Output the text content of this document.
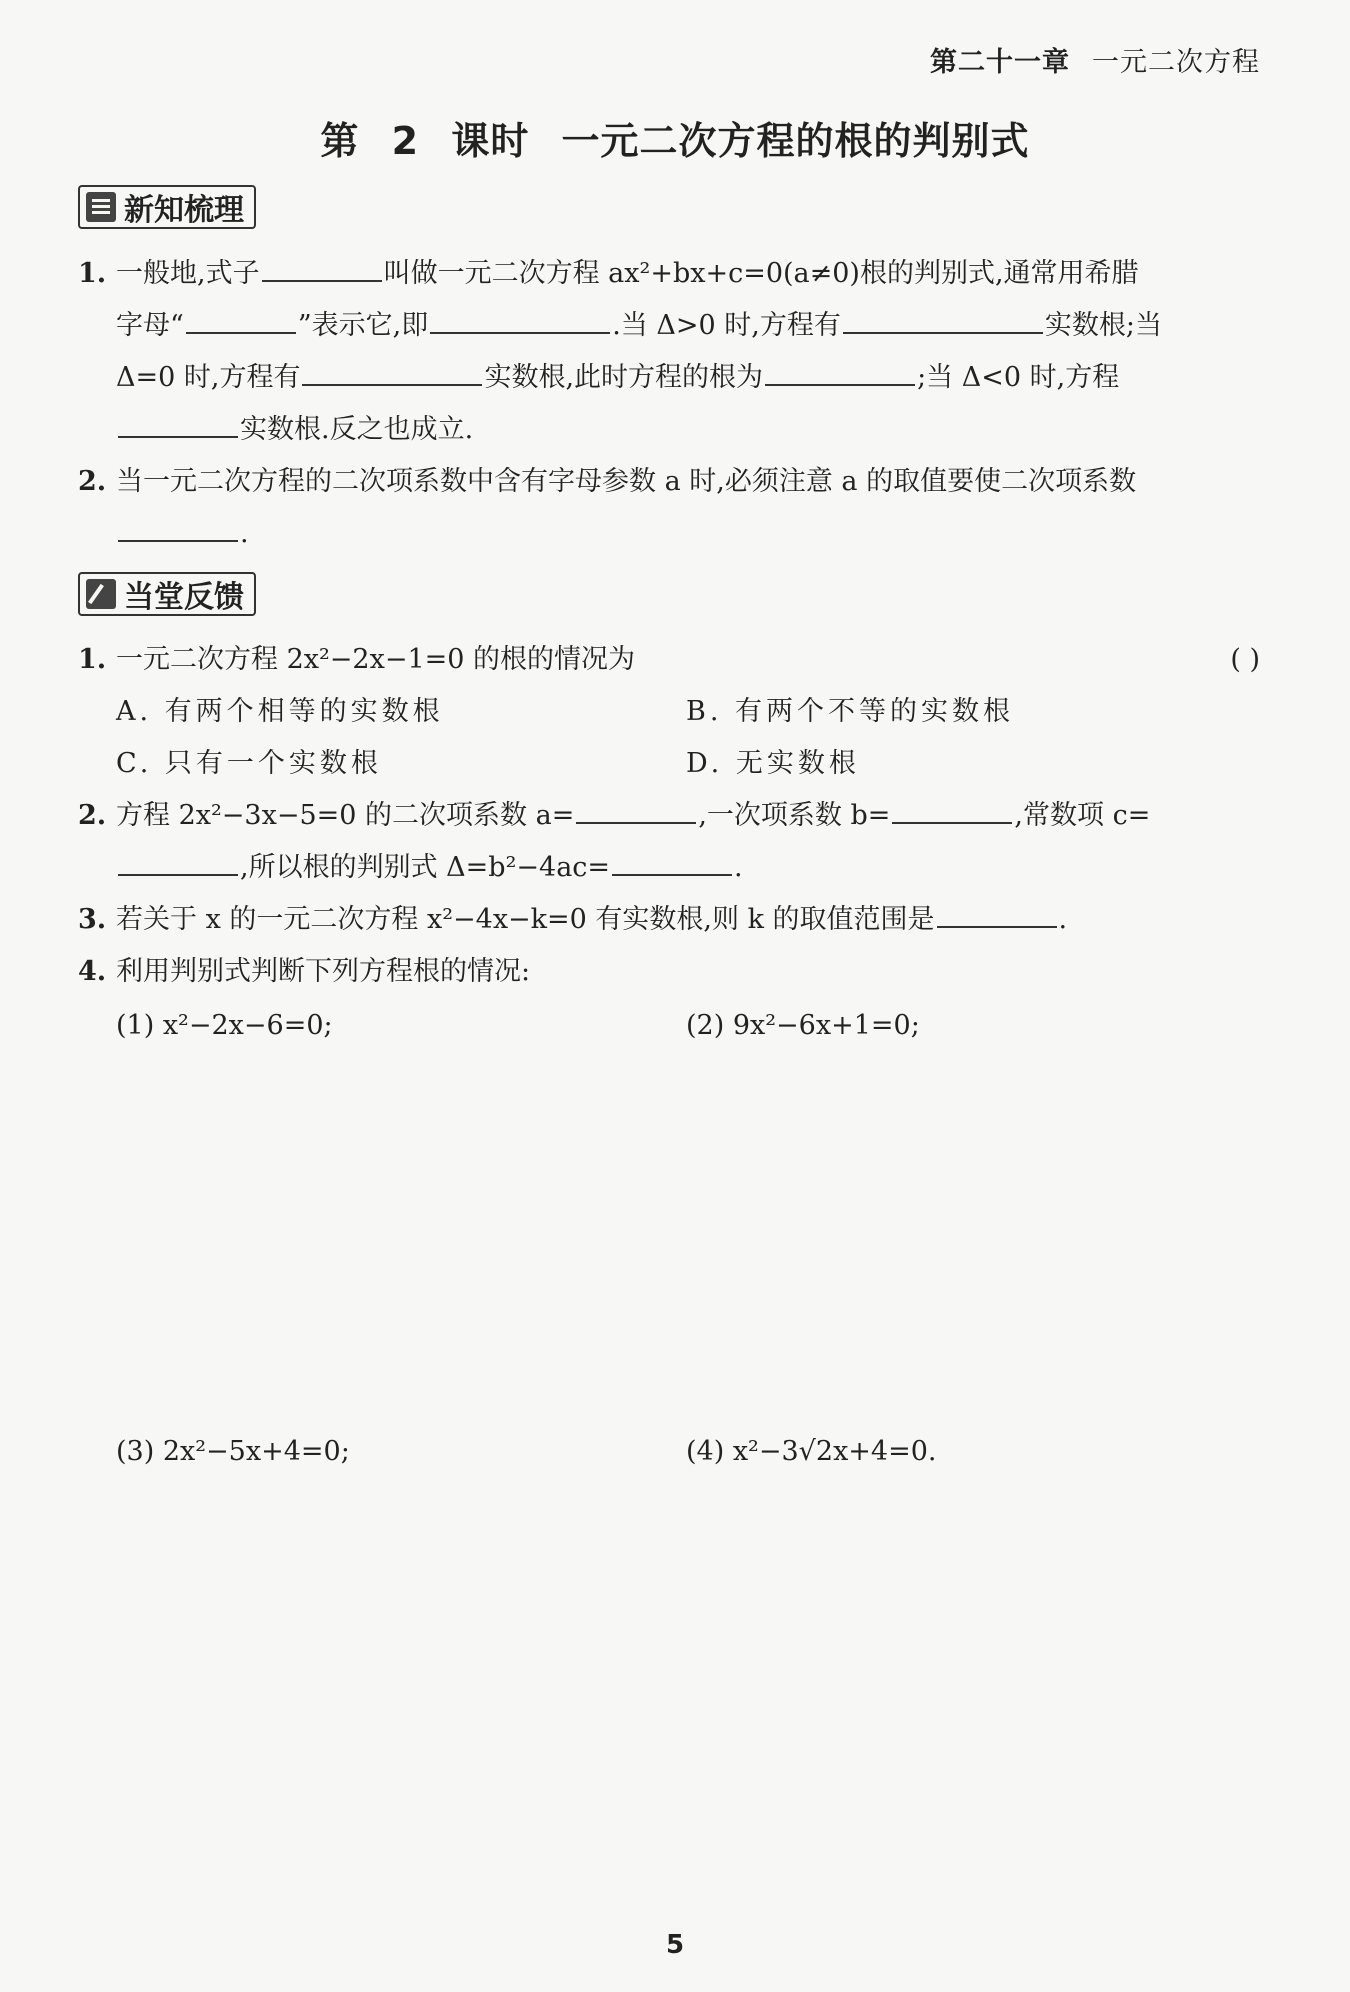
第二十一章 一元二次方程
第 2 课时 一元二次方程的根的判别式
新知梳理
1. 一般地,式子	叫做一元二次方程 ax²+bx+c=0(a≠0)根的判别式,通常用希腊
字母“	”表示它,即	.当 Δ>0 时,方程有	实数根;当
Δ=0 时,方程有	实数根,此时方程的根为	;当 Δ<0 时,方程
实数根.反之也成立.
2. 当一元二次方程的二次项系数中含有字母参数 a 时,必须注意 a 的取值要使二次项系数
.
当堂反馈
1. 一元二次方程 2x²−2x−1=0 的根的情况为	( )
A. 有两个相等的实数根	B. 有两个不等的实数根
C. 只有一个实数根	D. 无实数根
2. 方程 2x²−3x−5=0 的二次项系数 a=	,一次项系数 b=	,常数项 c=
,所以根的判别式 Δ=b²−4ac=	.
3. 若关于 x 的一元二次方程 x²−4x−k=0 有实数根,则 k 的取值范围是	.
4. 利用判别式判断下列方程根的情况:
(1) x²−2x−6=0;	(2) 9x²−6x+1=0;
(3) 2x²−5x+4=0;	(4) x²−3√2x+4=0.
5
